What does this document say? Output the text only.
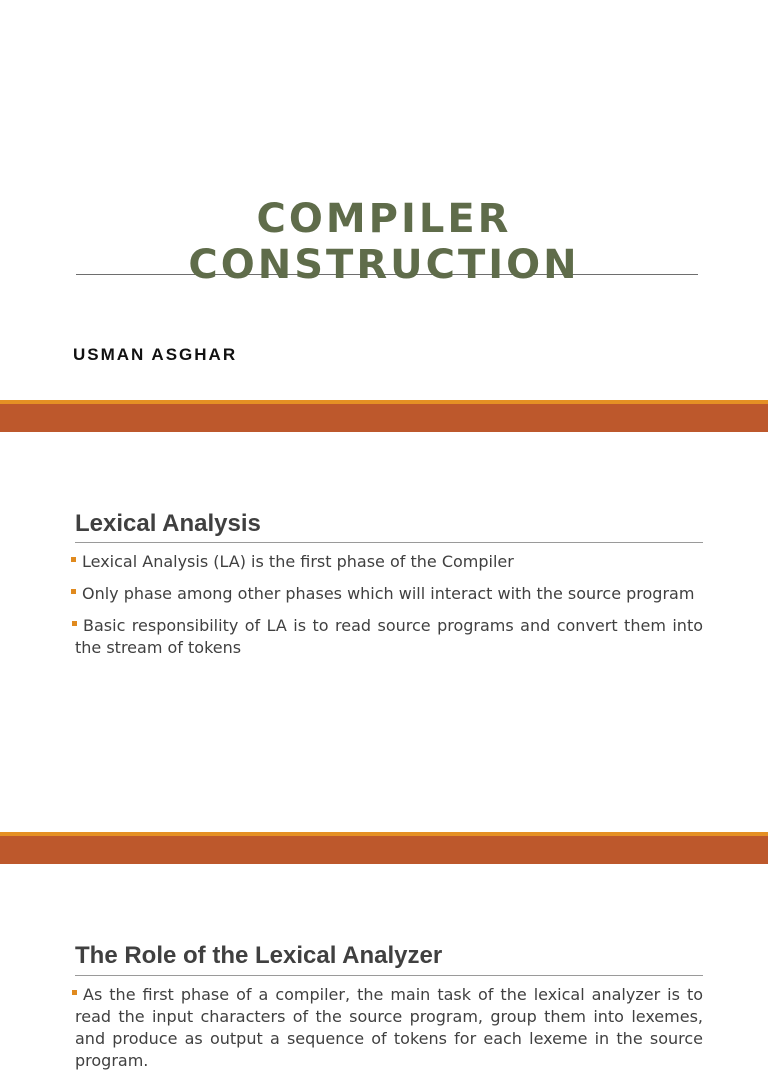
COMPILER
CONSTRUCTION

USMAN ASGHAR

Lexical Analysis
Lexical Analysis (LA) is the first phase of the Compiler
Only phase among other phases which will interact with the source program
Basic responsibility of LA is to read source programs and convert them into the stream of tokens
The Role of the Lexical Analyzer
As the first phase of a compiler, the main task of the lexical analyzer is to read the input characters of the source program, group them into lexemes, and produce as output a sequence of tokens for each lexeme in the source program.
